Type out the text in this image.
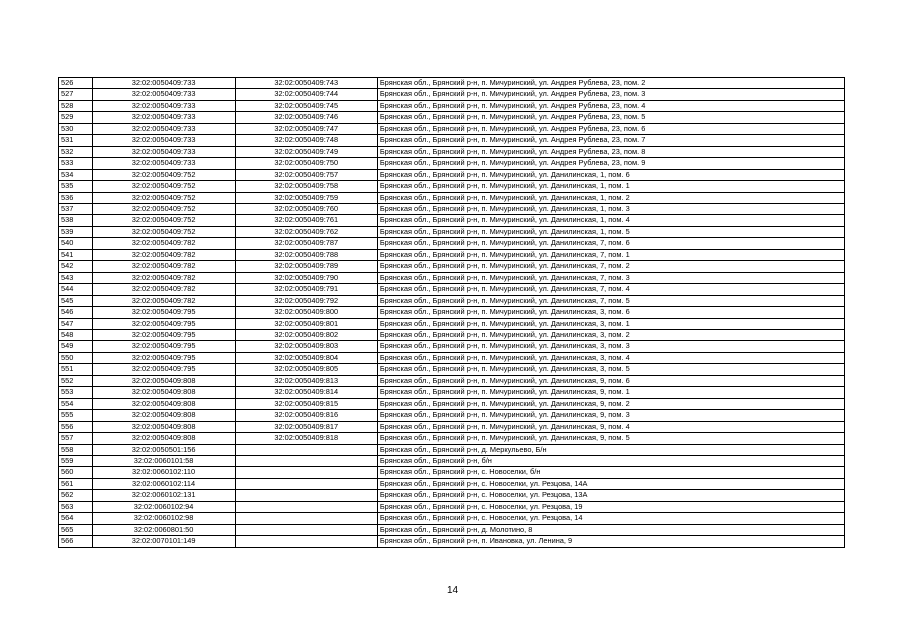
526	32:02:0050409:733	32:02:0050409:743	Брянская обл., Брянский р-н, п. Мичуринский, ул. Андрея Рублева, 23, пом. 2
527	32:02:0050409:733	32:02:0050409:744	Брянская обл., Брянский р-н, п. Мичуринский, ул. Андрея Рублева, 23, пом. 3
528	32:02:0050409:733	32:02:0050409:745	Брянская обл., Брянский р-н, п. Мичуринский, ул. Андрея Рублева, 23, пом. 4
529	32:02:0050409:733	32:02:0050409:746	Брянская обл., Брянский р-н, п. Мичуринский, ул. Андрея Рублева, 23, пом. 5
530	32:02:0050409:733	32:02:0050409:747	Брянская обл., Брянский р-н, п. Мичуринский, ул. Андрея Рублева, 23, пом. 6
531	32:02:0050409:733	32:02:0050409:748	Брянская обл., Брянский р-н, п. Мичуринский, ул. Андрея Рублева, 23, пом. 7
532	32:02:0050409:733	32:02:0050409:749	Брянская обл., Брянский р-н, п. Мичуринский, ул. Андрея Рублева, 23, пом. 8
533	32:02:0050409:733	32:02:0050409:750	Брянская обл., Брянский р-н, п. Мичуринский, ул. Андрея Рублева, 23, пом. 9
534	32:02:0050409:752	32:02:0050409:757	Брянская обл., Брянский р-н, п. Мичуринский, ул. Данилинская, 1, пом. 6
535	32:02:0050409:752	32:02:0050409:758	Брянская обл., Брянский р-н, п. Мичуринский, ул. Данилинская, 1, пом. 1
536	32:02:0050409:752	32:02:0050409:759	Брянская обл., Брянский р-н, п. Мичуринский, ул. Данилинская, 1, пом. 2
537	32:02:0050409:752	32:02:0050409:760	Брянская обл., Брянский р-н, п. Мичуринский, ул. Данилинская, 1, пом. 3
538	32:02:0050409:752	32:02:0050409:761	Брянская обл., Брянский р-н, п. Мичуринский, ул. Данилинская, 1, пом. 4
539	32:02:0050409:752	32:02:0050409:762	Брянская обл., Брянский р-н, п. Мичуринский, ул. Данилинская, 1, пом. 5
540	32:02:0050409:782	32:02:0050409:787	Брянская обл., Брянский р-н, п. Мичуринский, ул. Данилинская, 7, пом. 6
541	32:02:0050409:782	32:02:0050409:788	Брянская обл., Брянский р-н, п. Мичуринский, ул. Данилинская, 7, пом. 1
542	32:02:0050409:782	32:02:0050409:789	Брянская обл., Брянский р-н, п. Мичуринский, ул. Данилинская, 7, пом. 2
543	32:02:0050409:782	32:02:0050409:790	Брянская обл., Брянский р-н, п. Мичуринский, ул. Данилинская, 7, пом. 3
544	32:02:0050409:782	32:02:0050409:791	Брянская обл., Брянский р-н, п. Мичуринский, ул. Данилинская, 7, пом. 4
545	32:02:0050409:782	32:02:0050409:792	Брянская обл., Брянский р-н, п. Мичуринский, ул. Данилинская, 7, пом. 5
546	32:02:0050409:795	32:02:0050409:800	Брянская обл., Брянский р-н, п. Мичуринский, ул. Данилинская, 3, пом. 6
547	32:02:0050409:795	32:02:0050409:801	Брянская обл., Брянский р-н, п. Мичуринский, ул. Данилинская, 3, пом. 1
548	32:02:0050409:795	32:02:0050409:802	Брянская обл., Брянский р-н, п. Мичуринский, ул. Данилинская, 3, пом. 2
549	32:02:0050409:795	32:02:0050409:803	Брянская обл., Брянский р-н, п. Мичуринский, ул. Данилинская, 3, пом. 3
550	32:02:0050409:795	32:02:0050409:804	Брянская обл., Брянский р-н, п. Мичуринский, ул. Данилинская, 3, пом. 4
551	32:02:0050409:795	32:02:0050409:805	Брянская обл., Брянский р-н, п. Мичуринский, ул. Данилинская, 3, пом. 5
552	32:02:0050409:808	32:02:0050409:813	Брянская обл., Брянский р-н, п. Мичуринский, ул. Данилинская, 9, пом. 6
553	32:02:0050409:808	32:02:0050409:814	Брянская обл., Брянский р-н, п. Мичуринский, ул. Данилинская, 9, пом. 1
554	32:02:0050409:808	32:02:0050409:815	Брянская обл., Брянский р-н, п. Мичуринский, ул. Данилинская, 9, пом. 2
555	32:02:0050409:808	32:02:0050409:816	Брянская обл., Брянский р-н, п. Мичуринский, ул. Данилинская, 9, пом. 3
556	32:02:0050409:808	32:02:0050409:817	Брянская обл., Брянский р-н, п. Мичуринский, ул. Данилинская, 9, пом. 4
557	32:02:0050409:808	32:02:0050409:818	Брянская обл., Брянский р-н, п. Мичуринский, ул. Данилинская, 9, пом. 5
558	32:02:0050501:156		Брянская обл., Брянский р-н, д. Меркульево, Б/н
559	32:02:0060101:58		Брянская обл., Брянский р-н, б/н
560	32:02:0060102:110		Брянская обл., Брянский р-н, с. Новоселки, б/н
561	32:02:0060102:114		Брянская обл., Брянский р-н, с. Новоселки, ул. Резцова, 14А
562	32:02:0060102:131		Брянская обл., Брянский р-н, с. Новоселки, ул. Резцова, 13А
563	32:02:0060102:94		Брянская обл., Брянский р-н, с. Новоселки, ул. Резцова, 19
564	32:02:0060102:98		Брянская обл., Брянский р-н, с. Новоселки, ул. Резцова, 14
565	32:02:0060801:50		Брянская обл., Брянский р-н, д. Молотино, 8
566	32:02:0070101:149		Брянская обл., Брянский р-н, п. Ивановка, ул. Ленина, 9
14
